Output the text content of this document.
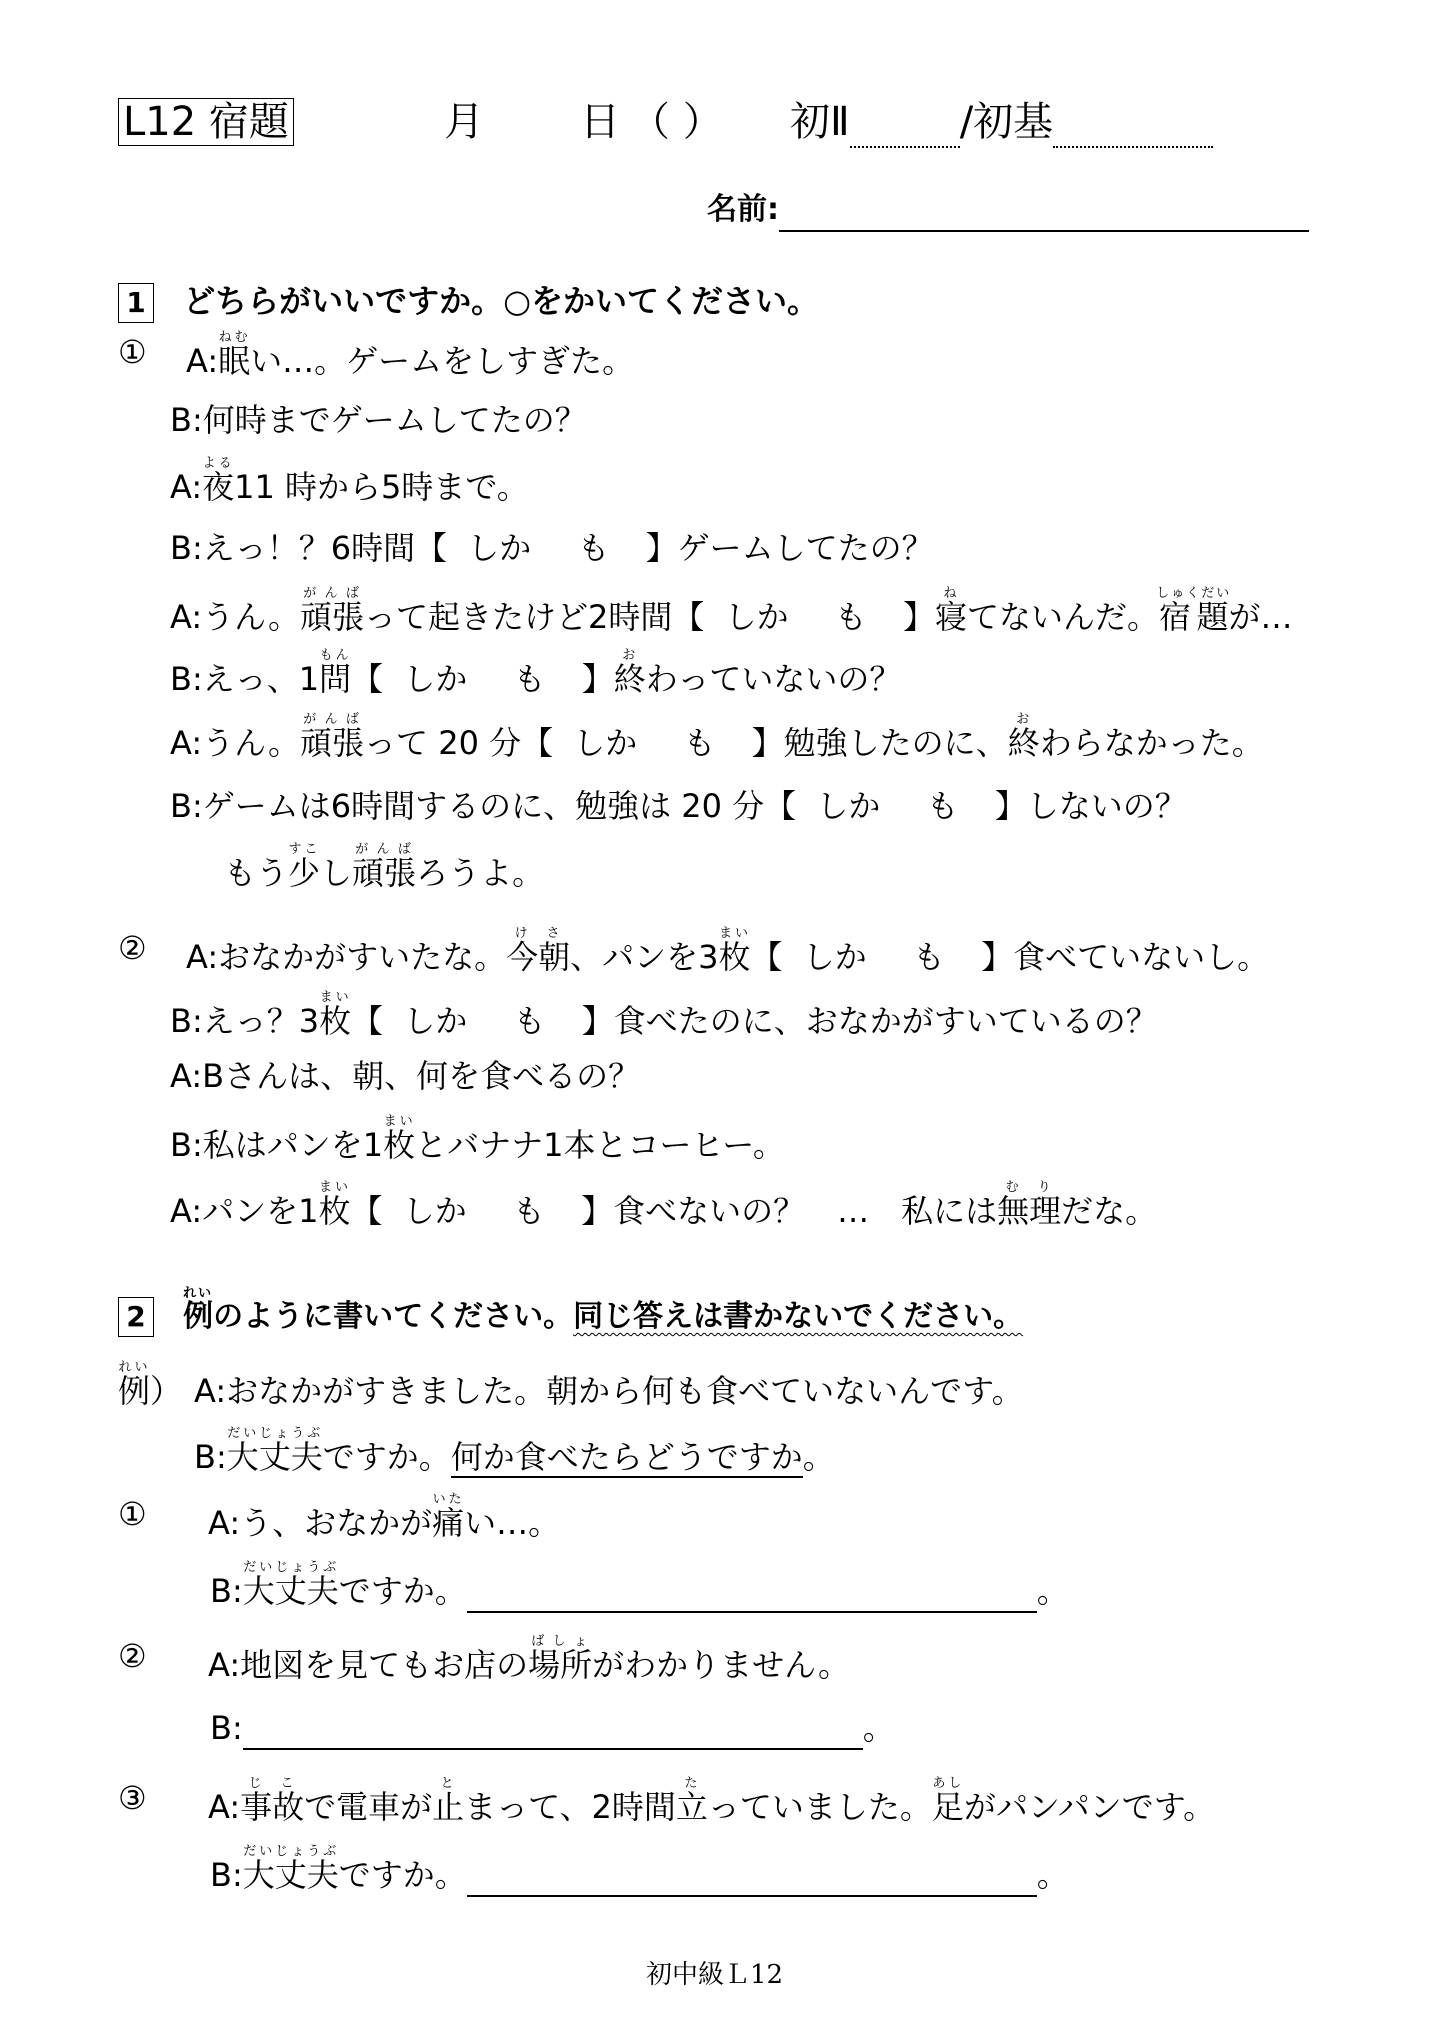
L12 宿題	月 日 （ ） 初Ⅱ	/初基
名前:
1 どちらがいいですか。○をかいてください。
① A:眠ねむい…。ゲームをしすぎた。
B:何時までゲームしてたの？
A:夜よる11 時から5時まで。
B:えっ！？6時間【 しか も 】ゲームしてたの？
A:うん。頑張がんばって起きたけど2時間【 しか も 】寝ねてないんだ。宿題しゅくだいが…
B:えっ、1問もん【 しか も 】終おわっていないの？
A:うん。頑張がんばって 20 分【 しか も 】勉強したのに、終おわらなかった。
B:ゲームは6時間するのに、勉強は 20 分【 しか も 】しないの？
もう少すこし頑張がんばろうよ。
② A:おなかがすいたな。今朝けさ、パンを3枚まい【 しか も 】食べていないし。
B:えっ？3枚まい【 しか も 】食べたのに、おなかがすいているの？
A:Bさんは、朝、何を食べるの？
B:私はパンを1枚まいとバナナ1本とコーヒー。
A:パンを1枚まい【 しか も 】食べないの？　…　私には無理むりだな。
2 例れいのように書いてください。同じ答えは書かないでください。
例れい） A:おなかがすきました。朝から何も食べていないんです。
B:大丈夫だいじょうぶですか。何か食べたらどうですか。
① A:う、おなかが痛いたい…。
B:大丈夫だいじょうぶですか。	。
② A:地図を見てもお店の場所ばしょがわかりません。
B:	。
③ A:事故じこで電車が止とまって、2時間立たっていました。足あしがパンパンです。
B:大丈夫だいじょうぶですか。	。
初中級Ｌ12
